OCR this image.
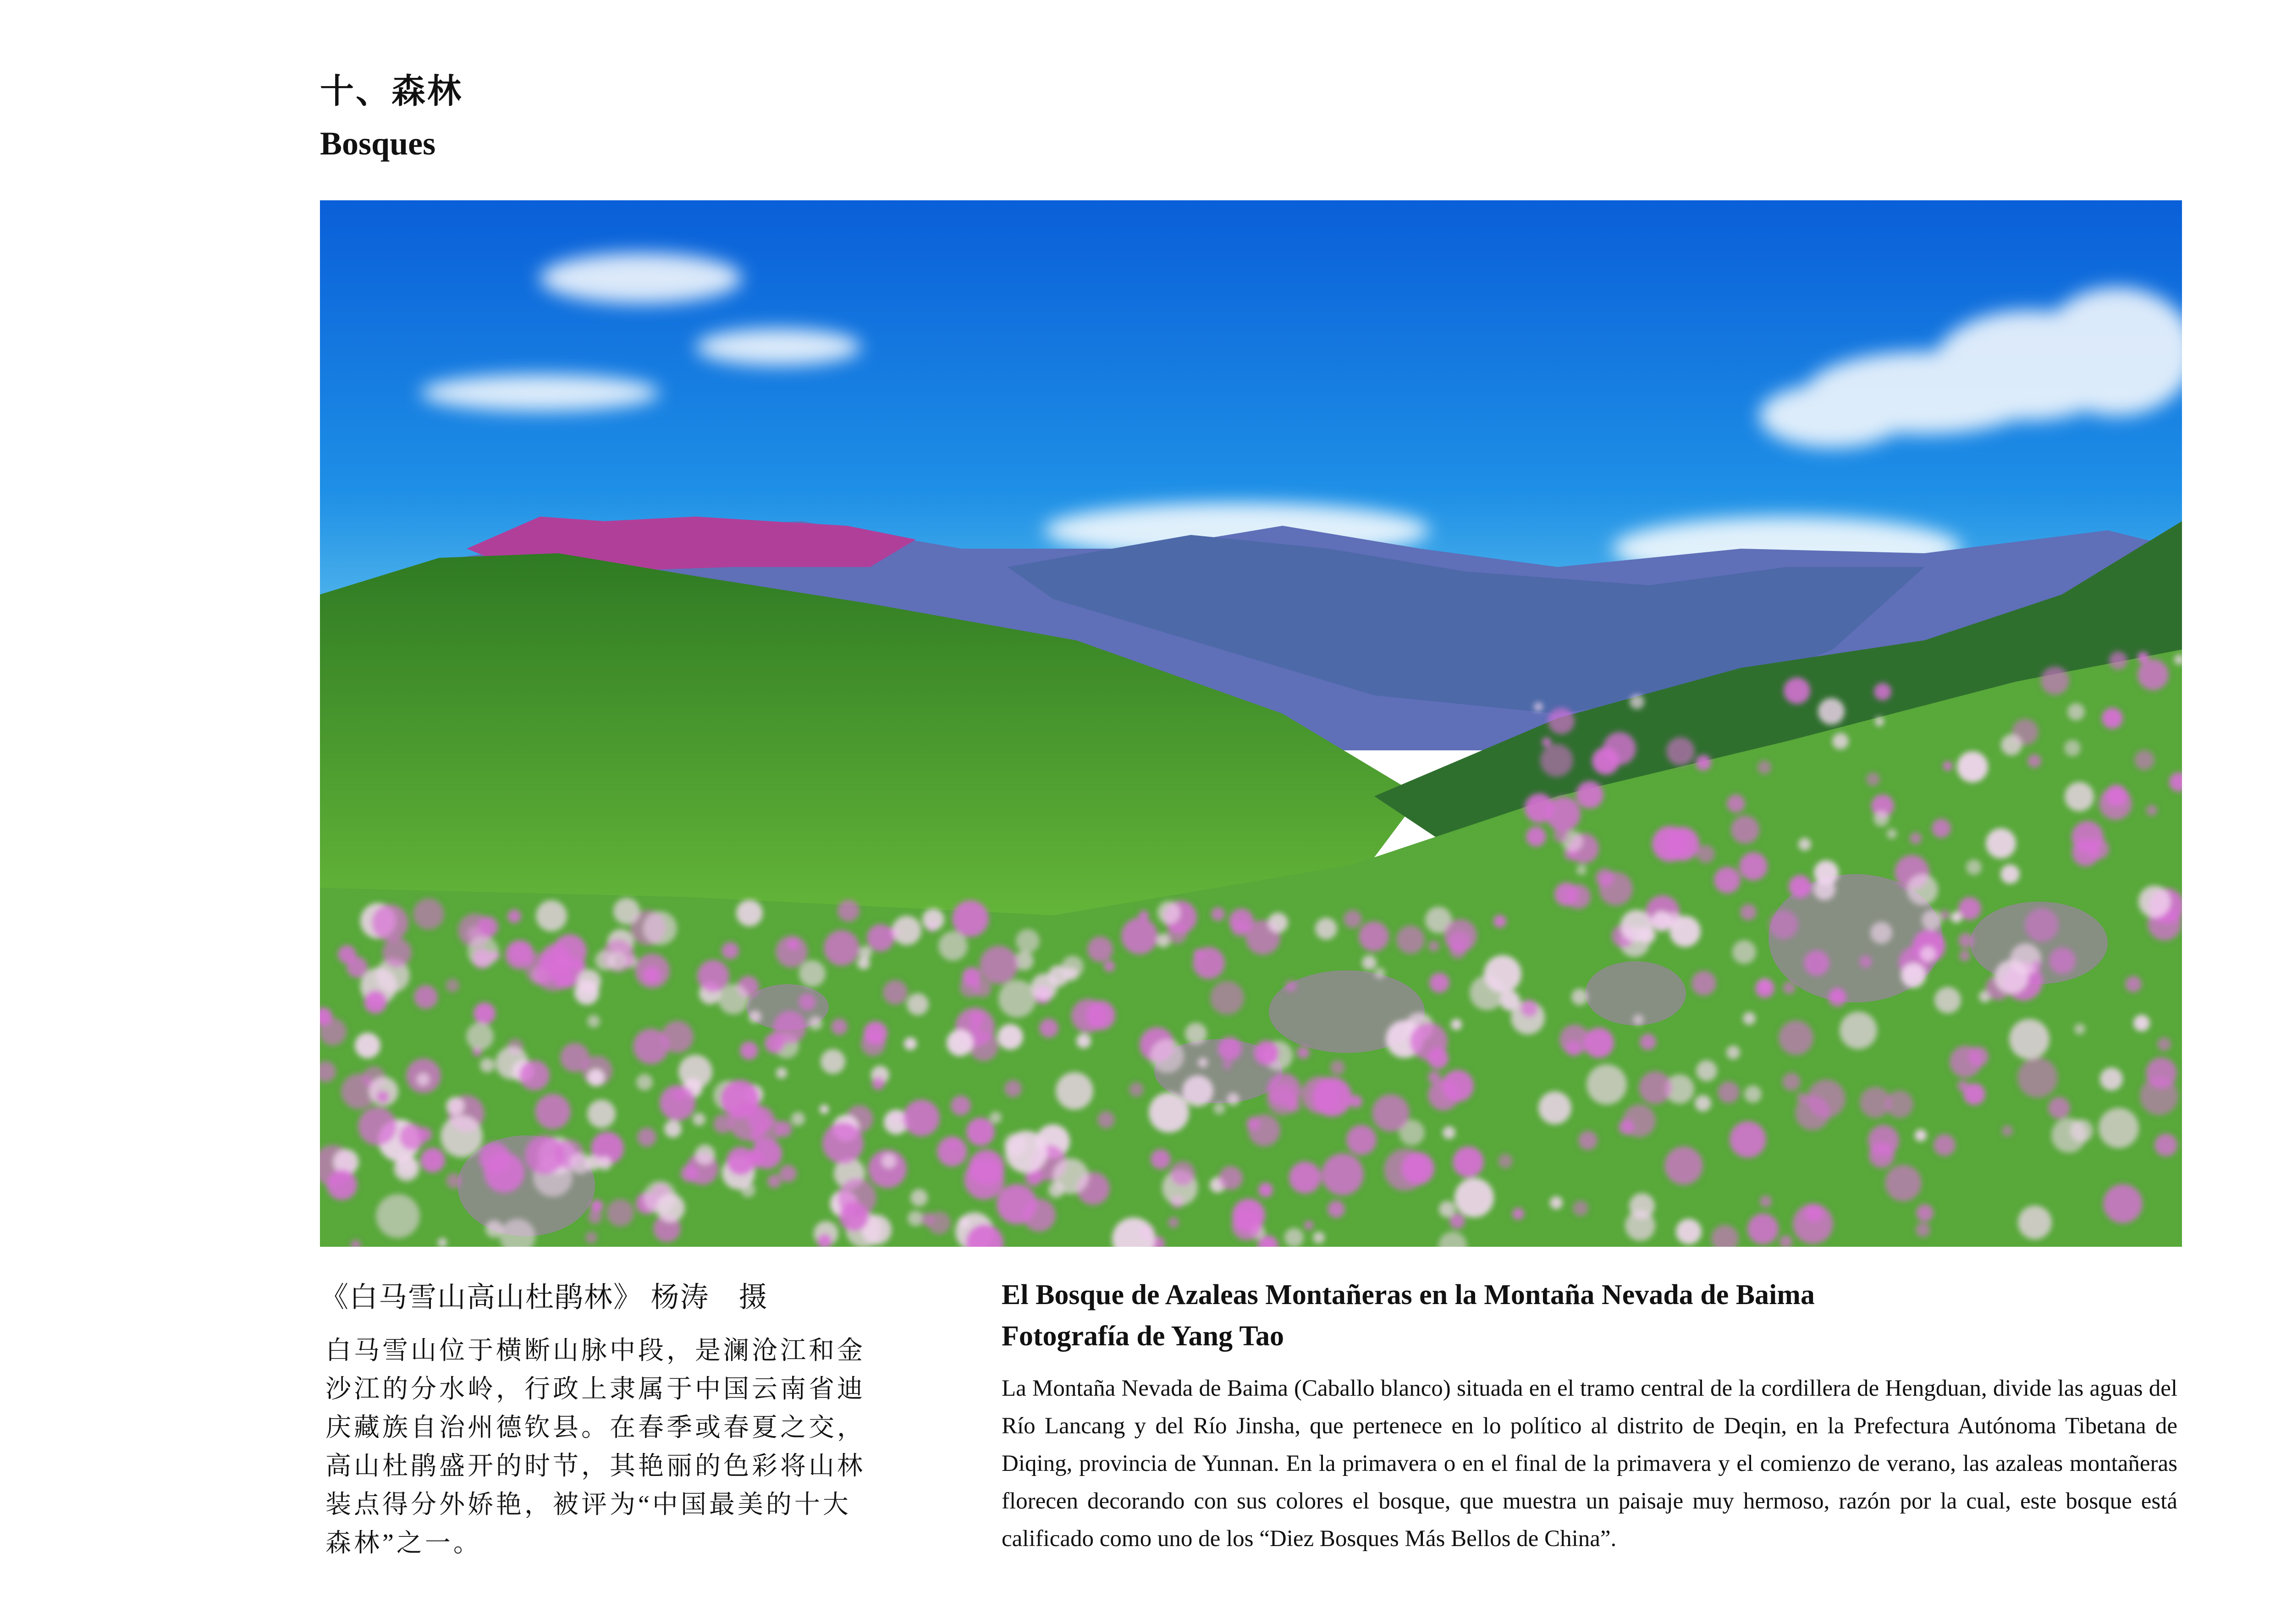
十、森林
Bosques
《白马雪山高山杜鹃林》 杨涛　摄
白马雪山位于横断山脉中段，是澜沧江和金
沙江的分水岭，行政上隶属于中国云南省迪
庆藏族自治州德钦县。在春季或春夏之交，
高山杜鹃盛开的时节，其艳丽的色彩将山林
装点得分外娇艳，被评为“中国最美的十大
森林”之一。
El Bosque de Azaleas Montañeras en la Montaña Nevada de Baima
Fotografía de Yang Tao
La Montaña Nevada de Baima (Caballo blanco) situada en el tramo central de la cordillera de Hengduan, divide las aguas del Río Lancang y del Río Jinsha, que pertenece en lo político al distrito de Deqin, en la Prefectura Autónoma Tibetana de Diqing, provincia de Yunnan. En la primavera o en el final de la primavera y el comienzo de verano, las azaleas montañeras florecen decorando con sus colores el bosque, que muestra un paisaje muy hermoso, razón por la cual, este bosque está calificado como uno de los “Diez Bosques Más Bellos de China”.
